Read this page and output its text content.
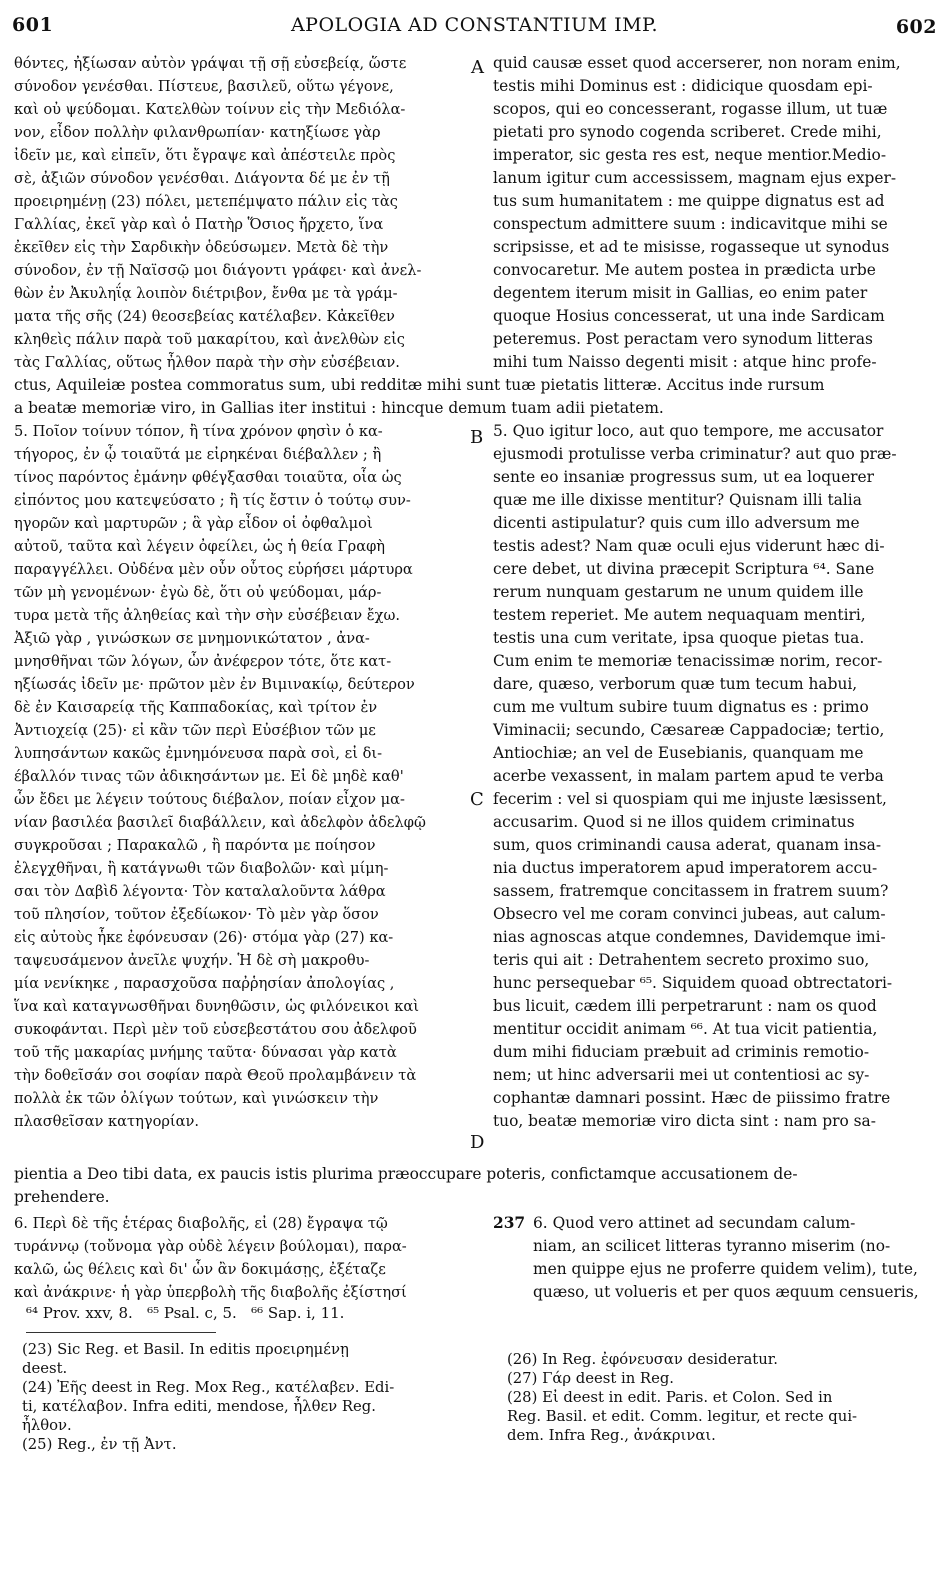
601	APOLOGIA AD CONSTANTIUM IMP.	602
θόντες, ἠξίωσαν αὐτὸν γράψαι τῇ σῇ εὐσεβείᾳ, ὥστε
σύνοδον γενέσθαι. Πίστευε, βασιλεῦ, οὕτω γέγονε,
καὶ οὐ ψεύδομαι. Κατελθὼν τοίνυν εἰς τὴν Μεδιόλα-
νον, εἶδον πολλὴν φιλανθρωπίαν· κατηξίωσε γὰρ
ἰδεῖν με, καὶ εἰπεῖν, ὅτι ἔγραψε καὶ ἀπέστειλε πρὸς
σὲ, ἀξιῶν σύνοδον γενέσθαι. Διάγοντα δέ με ἐν τῇ
προειρημένῃ (23) πόλει, μετεπέμψατο πάλιν εἰς τὰς
Γαλλίας, ἐκεῖ γὰρ καὶ ὁ Πατὴρ Ὅσιος ἤρχετο, ἵνα
ἐκεῖθεν εἰς τὴν Σαρδικὴν ὁδεύσωμεν. Μετὰ δὲ τὴν
σύνοδον, ἐν τῇ Ναϊσσῷ μοι διάγοντι γράφει· καὶ ἀνελ-
θὼν ἐν Ἀκυληΐᾳ λοιπὸν διέτριβον, ἔνθα με τὰ γράμ-
ματα τῆς σῆς (24) θεοσεβείας κατέλαβεν. Κἀκεῖθεν
κληθεὶς πάλιν παρὰ τοῦ μακαρίτου, καὶ ἀνελθὼν εἰς
τὰς Γαλλίας, οὕτως ἦλθον παρὰ τὴν σὴν εὐσέβειαν.
A quid causæ esset quod accerserer, non noram enim,
testis mihi Dominus est : didicique quosdam epi-
scopos, qui eo concesserant, rogasse illum, ut tuæ
pietati pro synodo cogenda scriberet. Crede mihi,
imperator, sic gesta res est, neque mentior.Medio-
lanum igitur cum accessissem, magnam ejus exper-
tus sum humanitatem : me quippe dignatus est ad
conspectum admittere suum : indicavitque mihi se
scripsisse, et ad te misisse, rogasseque ut synodus
convocaretur. Me autem postea in prædicta urbe
degentem iterum misit in Gallias, eo enim pater
quoque Hosius concesserat, ut una inde Sardicam
peteremus. Post peractam vero synodum litteras
mihi tum Naisso degenti misit : atque hinc profe-
ctus, Aquileiæ postea commoratus sum, ubi redditæ mihi sunt tuæ pietatis litteræ. Accitus inde rursum
a beatæ memoriæ viro, in Gallias iter institui : hincque demum tuam adii pietatem.
5. Ποῖον τοίνυν τόπον, ἢ τίνα χρόνον φησὶν ὁ κα-
τήγορος, ἐν ᾧ τοιαῦτά με εἰρηκέναι διέβαλλεν ; ἢ
τίνος παρόντος ἐμάνην φθέγξασθαι τοιαῦτα, οἷα ὡς
εἰπόντος μου κατεψεύσατο ; ἢ τίς ἔστιν ὁ τούτῳ συν-
ηγορῶν καὶ μαρτυρῶν ; ἃ γὰρ εἶδον οἱ ὀφθαλμοὶ
αὐτοῦ, ταῦτα καὶ λέγειν ὀφείλει, ὡς ἡ θεία Γραφὴ
παραγγέλλει. Οὐδένα μὲν οὖν οὗτος εὑρήσει μάρτυρα
τῶν μὴ γενομένων· ἐγὼ δὲ, ὅτι οὐ ψεύδομαι, μάρ-
τυρα μετὰ τῆς ἀληθείας καὶ τὴν σὴν εὐσέβειαν ἔχω.
Ἀξιῶ γὰρ , γινώσκων σε μνημονικώτατον , ἀνα-
μνησθῆναι τῶν λόγων, ὧν ἀνέφερον τότε, ὅτε κατ-
ηξίωσάς ἰδεῖν με· πρῶτον μὲν ἐν Βιμινακίῳ, δεύτερον
δὲ ἐν Καισαρείᾳ τῆς Καππαδοκίας, καὶ τρίτον ἐν
Ἀντιοχείᾳ (25)· εἰ κἂν τῶν περὶ Εὐσέβιον τῶν με
λυπησάντων κακῶς ἐμνημόνευσα παρὰ σοὶ, εἰ δι-
έβαλλόν τινας τῶν ἀδικησάντων με. Εἰ δὲ μηδὲ καθ'
ὧν ἔδει με λέγειν τούτους διέβαλον, ποίαν εἶχον μα-
νίαν βασιλέα βασιλεῖ διαβάλλειν, καὶ ἀδελφὸν ἀδελφῷ
συγκροῦσαι ; Παρακαλῶ , ἢ παρόντα με ποίησον
ἐλεγχθῆναι, ἢ κατάγνωθι τῶν διαβολῶν· καὶ μίμη-
σαι τὸν Δαβὶδ λέγοντα· Τὸν καταλαλοῦντα λάθρα
τοῦ πλησίον, τοῦτον ἐξεδίωκον· Τὸ μὲν γὰρ ὅσον
εἰς αὐτοὺς ἧκε ἐφόνευσαν (26)· στόμα γὰρ (27) κα-
ταψευσάμενον ἀνεῖλε ψυχήν. Ἡ δὲ σὴ μακροθυ-
μία νενίκηκε , παρασχοῦσα παῤῥησίαν ἀπολογίας ,
ἵνα καὶ καταγνωσθῆναι δυνηθῶσιν, ὡς φιλόνεικοι καὶ
συκοφάνται. Περὶ μὲν τοῦ εὐσεβεστάτου σου ἀδελφοῦ
τοῦ τῆς μακαρίας μνήμης ταῦτα· δύνασαι γὰρ κατὰ
τὴν δοθεῖσάν σοι σοφίαν παρὰ Θεοῦ προλαμβάνειν τὰ
πολλὰ ἐκ τῶν ὀλίγων τούτων, καὶ γινώσκειν τὴν
πλασθεῖσαν κατηγορίαν.
B
C
D
5. Quo igitur loco, aut quo tempore, me accusator
ejusmodi protulisse verba criminatur? aut quo præ-
sente eo insaniæ progressus sum, ut ea loquerer
quæ me ille dixisse mentitur? Quisnam illi talia
dicenti astipulatur? quis cum illo adversum me
testis adest? Nam quæ oculi ejus viderunt hæc di-
cere debet, ut divina præcepit Scriptura ⁶⁴. Sane
rerum nunquam gestarum ne unum quidem ille
testem reperiet. Me autem nequaquam mentiri,
testis una cum veritate, ipsa quoque pietas tua.
Cum enim te memoriæ tenacissimæ norim, recor-
dare, quæso, verborum quæ tum tecum habui,
cum me vultum subire tuum dignatus es : primo
Viminacii; secundo, Cæsareæ Cappadociæ; tertio,
Antiochiæ; an vel de Eusebianis, quanquam me
acerbe vexassent, in malam partem apud te verba
fecerim : vel si quospiam qui me injuste læsissent,
accusarim. Quod si ne illos quidem criminatus
sum, quos criminandi causa aderat, quanam insa-
nia ductus imperatorem apud imperatorem accu-
sassem, fratremque concitassem in fratrem suum?
Obsecro vel me coram convinci jubeas, aut calum-
nias agnoscas atque condemnes, Davidemque imi-
teris qui ait : Detrahentem secreto proximo suo,
hunc persequebar ⁶⁵. Siquidem quoad obtrectatori-
bus licuit, cædem illi perpetrarunt : nam os quod
mentitur occidit animam ⁶⁶. At tua vicit patientia,
dum mihi fiduciam præbuit ad criminis remotio-
nem; ut hinc adversarii mei ut contentiosi ac sy-
cophantæ damnari possint. Hæc de piissimo fratre
tuo, beatæ memoriæ viro dicta sint : nam pro sa-
pientia a Deo tibi data, ex paucis istis plurima præoccupare poteris, confictamque accusationem de-
prehendere.
6. Περὶ δὲ τῆς ἑτέρας διαβολῆς, εἰ (28) ἔγραψα τῷ
τυράννῳ (τοὔνομα γὰρ οὐδὲ λέγειν βούλομαι), παρα-
καλῶ, ὡς θέλεις καὶ δι' ὧν ἂν δοκιμάσῃς, ἐξέταζε
καὶ ἀνάκρινε· ἡ γὰρ ὑπερβολὴ τῆς διαβολῆς ἐξίστησί
237 6. Quod vero attinet ad secundam calum-
niam, an scilicet litteras tyranno miserim (no-
men quippe ejus ne proferre quidem velim), tute,
quæso, ut volueris et per quos æquum censueris,
⁶⁴ Prov. xxv, 8.   ⁶⁵ Psal. c, 5.   ⁶⁶ Sap. i, 11.
(23) Sic Reg. et Basil. In editis προειρημένῃ
deest.
(24) Ἐῆς deest in Reg. Mox Reg., κατέλαβεν. Edi-
ti, κατέλαβον. Infra editi, mendose, ἦλθεν Reg.
ἦλθον.
(25) Reg., ἐν τῇ Ἀντ.
(26) In Reg. ἐφόνευσαν desideratur.
(27) Γάρ deest in Reg.
(28) Εἰ deest in edit. Paris. et Colon. Sed in
Reg. Basil. et edit. Comm. legitur, et recte qui-
dem. Infra Reg., ἀνάκριναι.
